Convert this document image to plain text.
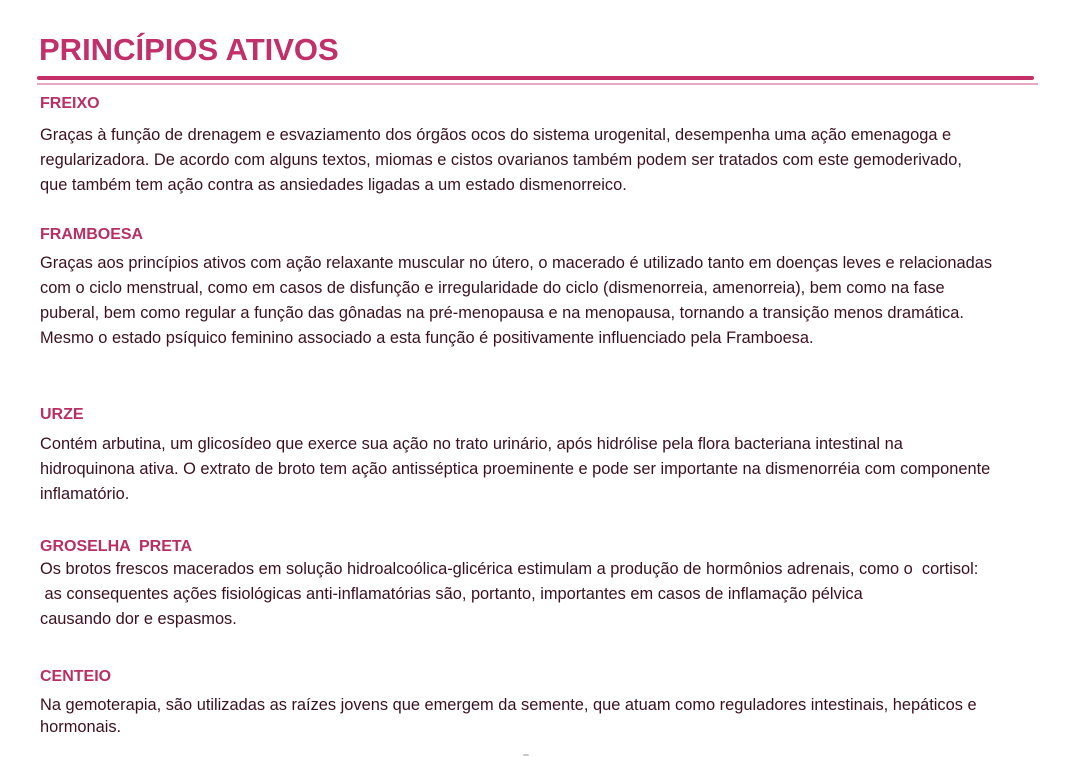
PRINCÍPIOS ATIVOS
FREIXO

Graças à função de drenagem e esvaziamento dos órgãos ocos do sistema urogenital, desempenha uma ação emenagoga e
regularizadora. De acordo com alguns textos, miomas e cistos ovarianos também podem ser tratados com este gemoderivado,
que também tem ação contra as ansiedades ligadas a um estado dismenorreico.

FRAMBOESA

Graças aos princípios ativos com ação relaxante muscular no útero, o macerado é utilizado tanto em doenças leves e relacionadas
com o ciclo menstrual, como em casos de disfunção e irregularidade do ciclo (dismenorreia, amenorreia), bem como na fase
puberal, bem como regular a função das gônadas na pré-menopausa e na menopausa, tornando a transição menos dramática.
Mesmo o estado psíquico feminino associado a esta função é positivamente influenciado pela Framboesa.

URZE

Contém arbutina, um glicosídeo que exerce sua ação no trato urinário, após hidrólise pela flora bacteriana intestinal na
hidroquinona ativa. O extrato de broto tem ação antisséptica proeminente e pode ser importante na dismenorréia com componente
inflamatório.

GROSELHA  PRETA

Os brotos frescos macerados em solução hidroalcoólica-glicérica estimulam a produção de hormônios adrenais, como o  cortisol:
as consequentes ações fisiológicas anti-inflamatórias são, portanto, importantes em casos de inflamação pélvica
causando dor e espasmos.

CENTEIO

Na gemoterapia, são utilizadas as raízes jovens que emergem da semente, que atuam como reguladores intestinais, hepáticos e
hormonais.
